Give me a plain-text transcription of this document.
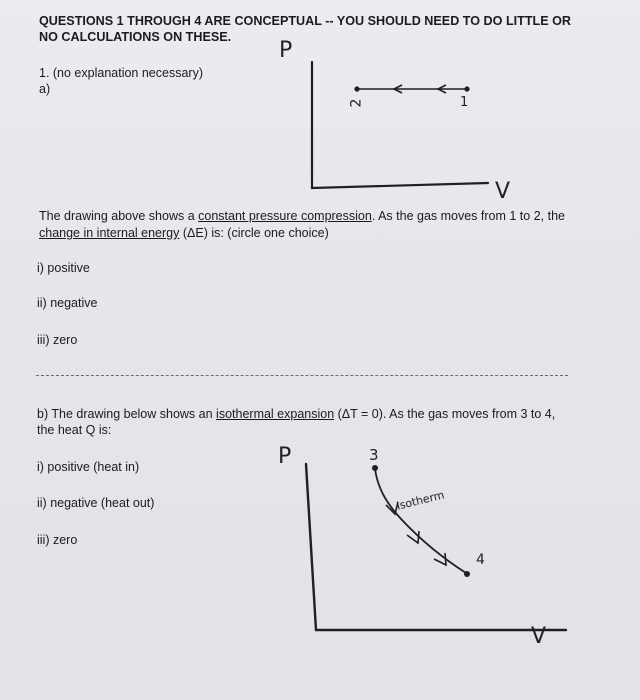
QUESTIONS 1 THROUGH 4 ARE CONCEPTUAL -- YOU SHOULD NEED TO DO LITTLE OR
NO CALCULATIONS ON THESE.
1. (no explanation necessary)
a)
P
V
1
2
The drawing above shows a constant pressure compression. As the gas moves from 1 to 2, the
change in internal energy (ΔE) is: (circle one choice)
i) positive
ii) negative
iii) zero
b) The drawing below shows an isothermal expansion (ΔT = 0). As the gas moves from 3 to 4,
the heat Q is:
i) positive (heat in)
ii) negative (heat out)
iii) zero
P
V
3
4
Isotherm
